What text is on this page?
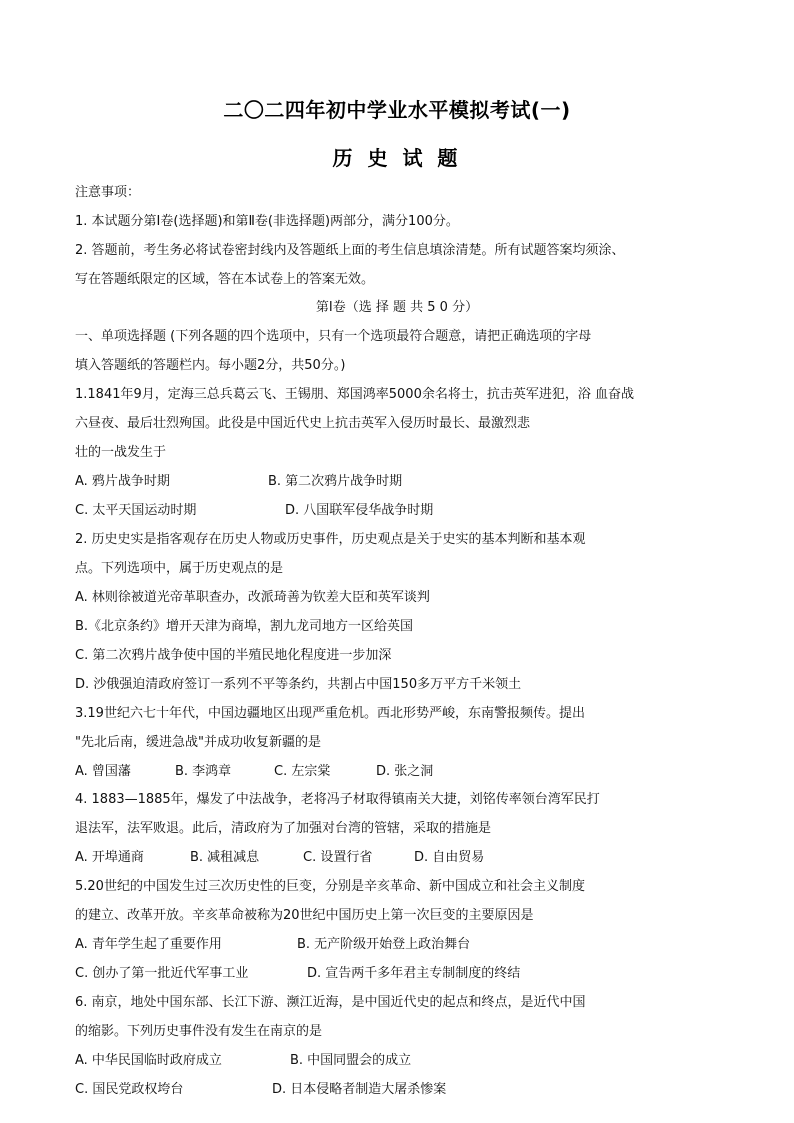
二〇二四年初中学业水平模拟考试(一)
历 史 试 题
注意事项：
1. 本试题分第Ⅰ卷(选择题)和第Ⅱ卷(非选择题)两部分，满分100分。
2. 答题前，考生务必将试卷密封线内及答题纸上面的考生信息填涂清楚。所有试题答案均须涂、
写在答题纸限定的区域，答在本试卷上的答案无效。
第Ⅰ卷（选 择 题 共 5 0 分）
一、单项选择题 (下列各题的四个选项中，只有一个选项最符合题意，请把正确选项的字母
填入答题纸的答题栏内。每小题2分，共50分。)
1.1841年9月，定海三总兵葛云飞、王锡朋、郑国鸿率5000余名将士，抗击英军进犯，浴 血奋战
六昼夜、最后壮烈殉国。此役是中国近代史上抗击英军入侵历时最长、最激烈悲
壮的一战发生于
A. 鸦片战争时期	B. 第二次鸦片战争时期
C. 太平天国运动时期	D. 八国联军侵华战争时期
2. 历史史实是指客观存在历史人物或历史事件，历史观点是关于史实的基本判断和基本观
点。下列选项中，属于历史观点的是
A. 林则徐被道光帝革职查办，改派琦善为钦差大臣和英军谈判
B.《北京条约》增开天津为商埠，割九龙司地方一区给英国
C. 第二次鸦片战争使中国的半殖民地化程度进一步加深
D. 沙俄强迫清政府签订一系列不平等条约，共割占中国150多万平方千米领土
3.19世纪六七十年代，中国边疆地区出现严重危机。西北形势严峻，东南警报频传。提出
"先北后南，缓进急战"并成功收复新疆的是
A. 曾国藩	B. 李鸿章	C. 左宗棠	D. 张之洞
4. 1883—1885年，爆发了中法战争，老将冯子材取得镇南关大捷，刘铭传率领台湾军民打
退法军，法军败退。此后，清政府为了加强对台湾的管辖，采取的措施是
A. 开埠通商	B. 减租减息	C. 设置行省	D. 自由贸易
5.20世纪的中国发生过三次历史性的巨变，分别是辛亥革命、新中国成立和社会主义制度
的建立、改革开放。辛亥革命被称为20世纪中国历史上第一次巨变的主要原因是
A. 青年学生起了重要作用	B. 无产阶级开始登上政治舞台
C. 创办了第一批近代军事工业	D. 宣告两千多年君主专制制度的终结
6. 南京，地处中国东部、长江下游、濒江近海，是中国近代史的起点和终点，是近代中国
的缩影。下列历史事件没有发生在南京的是
A. 中华民国临时政府成立	B. 中国同盟会的成立
C. 国民党政权垮台	D. 日本侵略者制造大屠杀惨案
